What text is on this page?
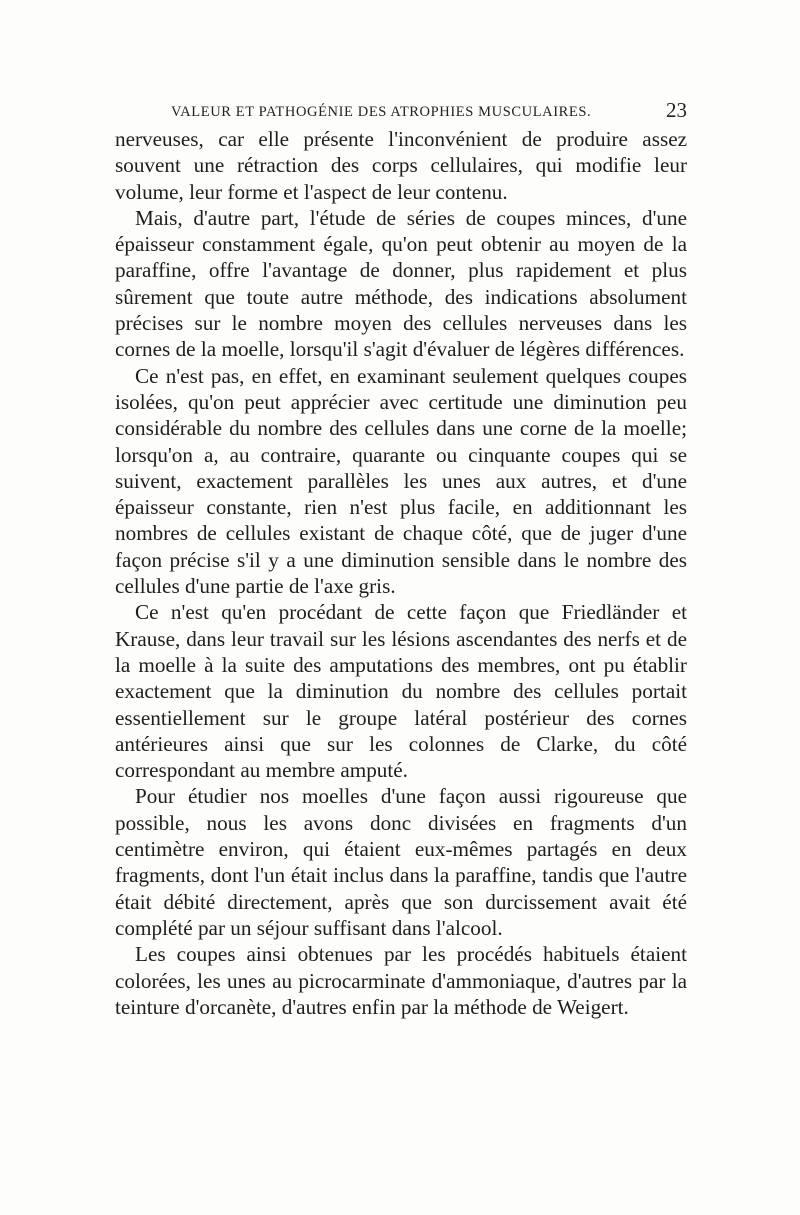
VALEUR ET PATHOGÉNIE DES ATROPHIES MUSCULAIRES.	23

nerveuses, car elle présente l'inconvénient de produire assez souvent une rétraction des corps cellulaires, qui modifie leur volume, leur forme et l'aspect de leur contenu.

Mais, d'autre part, l'étude de séries de coupes minces, d'une épaisseur constamment égale, qu'on peut obtenir au moyen de la paraffine, offre l'avantage de donner, plus rapidement et plus sûrement que toute autre méthode, des indications absolument précises sur le nombre moyen des cellules nerveuses dans les cornes de la moelle, lorsqu'il s'agit d'évaluer de légères différences.

Ce n'est pas, en effet, en examinant seulement quelques coupes isolées, qu'on peut apprécier avec certitude une diminution peu considérable du nombre des cellules dans une corne de la moelle; lorsqu'on a, au contraire, quarante ou cinquante coupes qui se suivent, exactement parallèles les unes aux autres, et d'une épaisseur constante, rien n'est plus facile, en additionnant les nombres de cellules existant de chaque côté, que de juger d'une façon précise s'il y a une diminution sensible dans le nombre des cellules d'une partie de l'axe gris.

Ce n'est qu'en procédant de cette façon que Friedländer et Krause, dans leur travail sur les lésions ascendantes des nerfs et de la moelle à la suite des amputations des membres, ont pu établir exactement que la diminution du nombre des cellules portait essentiellement sur le groupe latéral postérieur des cornes antérieures ainsi que sur les colonnes de Clarke, du côté correspondant au membre amputé.

Pour étudier nos moelles d'une façon aussi rigoureuse que possible, nous les avons donc divisées en fragments d'un centimètre environ, qui étaient eux-mêmes partagés en deux fragments, dont l'un était inclus dans la paraffine, tandis que l'autre était débité directement, après que son durcissement avait été complété par un séjour suffisant dans l'alcool.

Les coupes ainsi obtenues par les procédés habituels étaient colorées, les unes au picrocarminate d'ammoniaque, d'autres par la teinture d'orcanète, d'autres enfin par la méthode de Weigert.
